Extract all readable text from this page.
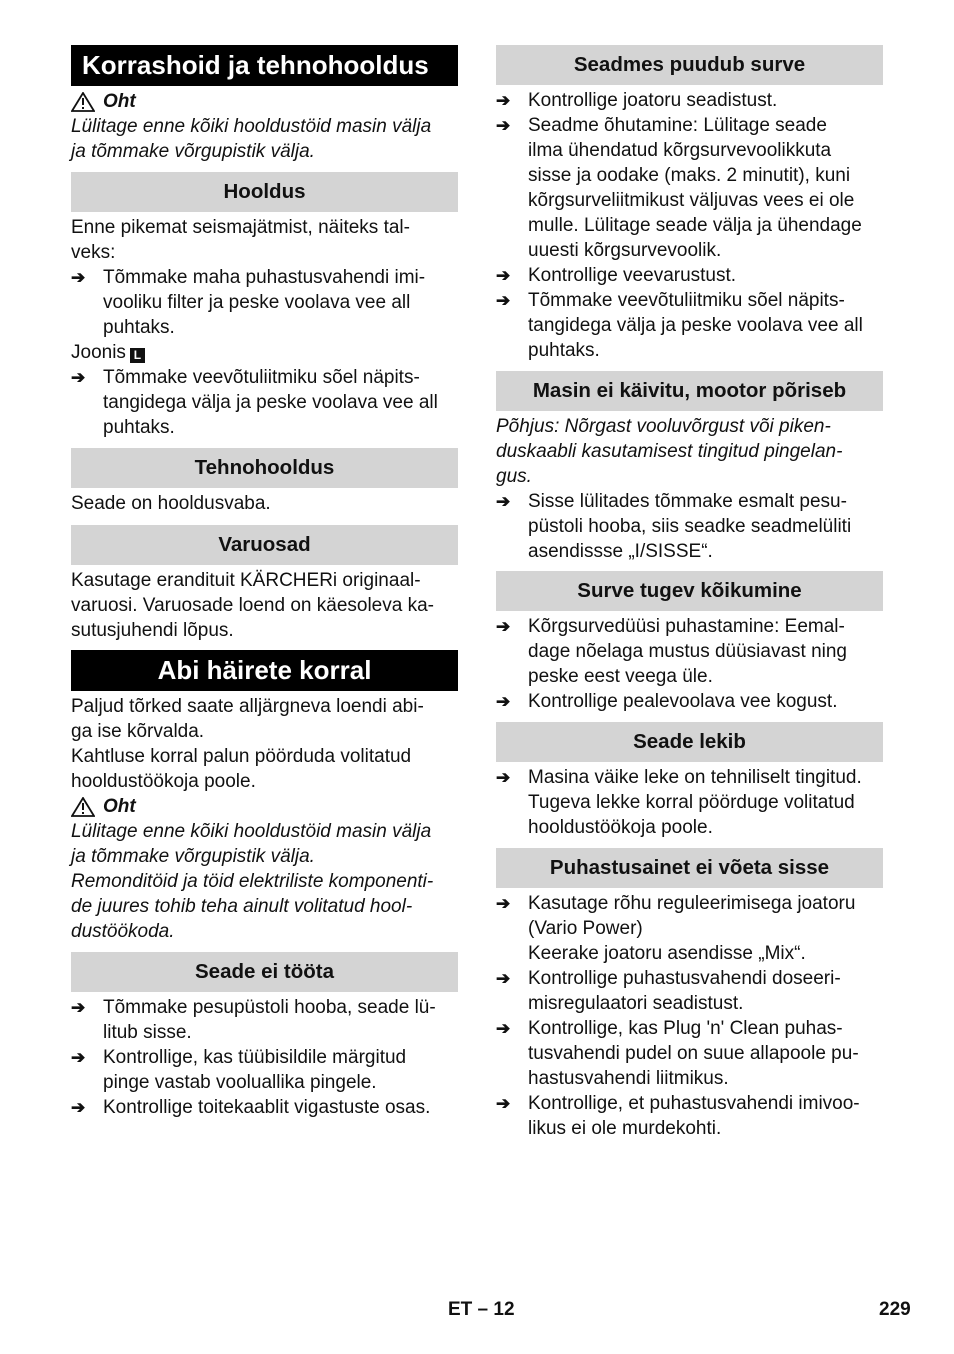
Korrashoid ja tehnohooldus
Oht
Lülitage enne kõiki hooldustöid masin välja
ja tõmmake võrgupistik välja.
Hooldus
Enne pikemat seismajätmist, näiteks tal-
veks:
➔ Tõmmake maha puhastusvahendi imi-
vooliku filter ja peske voolava vee all
puhtaks.
Joonis L
➔ Tõmmake veevõtuliitmiku sõel näpits-
tangidega välja ja peske voolava vee all
puhtaks.
Tehnohooldus
Seade on hooldusvaba.
Varuosad
Kasutage erandituit KÄRCHERi originaal-
varuosi. Varuosade loend on käesoleva ka-
sutusjuhendi lõpus.
Abi häirete korral
Paljud tõrked saate alljärgneva loendi abi-
ga ise kõrvalda.
Kahtluse korral palun pöörduda volitatud
hooldustöökoja poole.
Oht
Lülitage enne kõiki hooldustöid masin välja
ja tõmmake võrgupistik välja.
Remonditöid ja töid elektriliste komponenti-
de juures tohib teha ainult volitatud hool-
dustöökoda.
Seade ei tööta
➔ Tõmmake pesupüstoli hooba, seade lü-
litub sisse.
➔ Kontrollige, kas tüübisildile märgitud
pinge vastab vooluallika pingele.
➔ Kontrollige toitekaablit vigastuste osas.
Seadmes puudub surve
➔ Kontrollige joatoru seadistust.
➔ Seadme õhutamine: Lülitage seade
ilma ühendatud kõrgsurvevoolikkuta
sisse ja oodake (maks. 2 minutit), kuni
kõrgsurveliitmikust väljuvas vees ei ole
mulle. Lülitage seade välja ja ühendage
uuesti kõrgsurvevoolik.
➔ Kontrollige veevarustust.
➔ Tõmmake veevõtuliitmiku sõel näpits-
tangidega välja ja peske voolava vee all
puhtaks.
Masin ei käivitu, mootor põriseb
Põhjus: Nõrgast vooluvõrgust või piken-
duskaabli kasutamisest tingitud pingelan-
gus.
➔ Sisse lülitades tõmmake esmalt pesu-
püstoli hooba, siis seadke seadmelüliti
asendissse „I/SISSE“.
Surve tugev kõikumine
➔ Kõrgsurvedüüsi puhastamine: Eemal-
dage nõelaga mustus düüsiavast ning
peske eest veega üle.
➔ Kontrollige pealevoolava vee kogust.
Seade lekib
➔ Masina väike leke on tehniliselt tingitud.
Tugeva lekke korral pöörduge volitatud
hooldustöökoja poole.
Puhastusainet ei võeta sisse
➔ Kasutage rõhu reguleerimisega joatoru
(Vario Power)
Keerake joatoru asendisse „Mix“.
➔ Kontrollige puhastusvahendi doseeri-
misregulaatori seadistust.
➔ Kontrollige, kas Plug 'n' Clean puhas-
tusvahendi pudel on suue allapoole pu-
hastusvahendi liitmikus.
➔ Kontrollige, et puhastusvahendi imivoo-
likus ei ole murdekohti.
ET – 12	229
